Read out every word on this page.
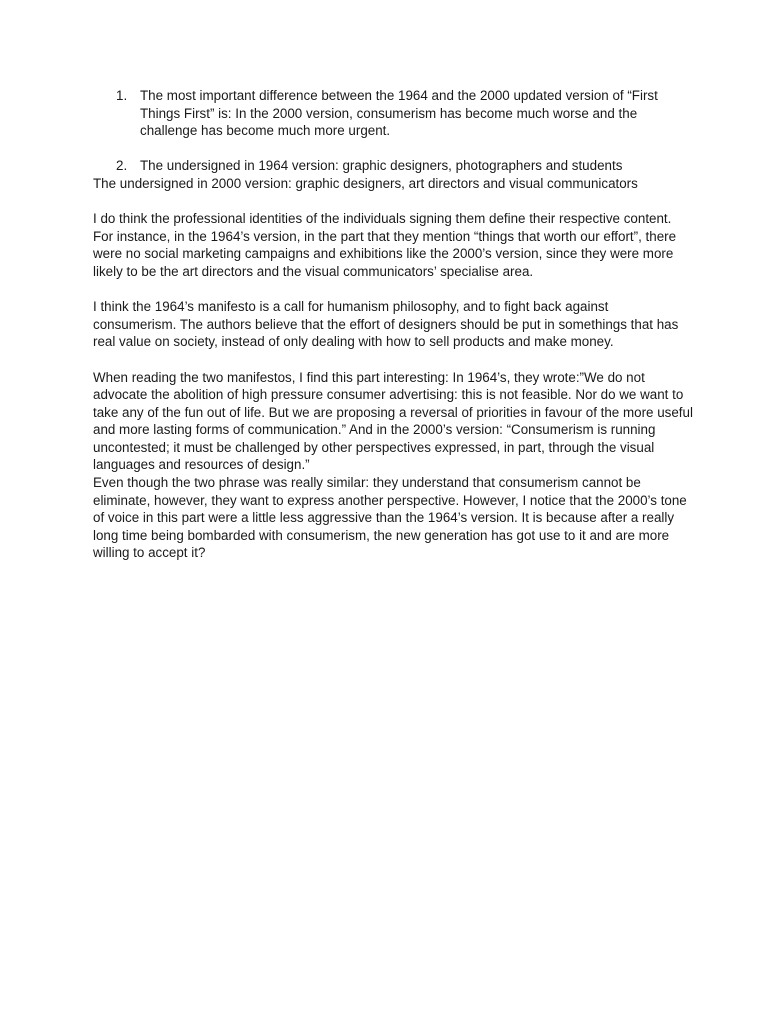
1. The most important difference between the 1964 and the 2000 updated version of “First Things First” is: In the 2000 version, consumerism has become much worse and the challenge has become much more urgent.
2. The undersigned in 1964 version: graphic designers, photographers and students

The undersigned in 2000 version: graphic designers, art directors and visual communicators

I do think the professional identities of the individuals signing them define their respective content. For instance, in the 1964’s version, in the part that they mention “things that worth our effort”, there were no social marketing campaigns and exhibitions like the 2000’s version, since they were more likely to be the art directors and the visual communicators’ specialise area.

I think the 1964’s manifesto is a call for humanism philosophy, and to fight back against consumerism. The authors believe that the effort of designers should be put in somethings that has real value on society, instead of only dealing with how to sell products and make money.

When reading the two manifestos, I find this part interesting: In 1964’s, they wrote:”We do not advocate the abolition of high pressure consumer advertising: this is not feasible. Nor do we want to take any of the fun out of life. But we are proposing a reversal of priorities in favour of the more useful and more lasting forms of communication.” And in the 2000’s version: “Consumerism is running uncontested; it must be challenged by other perspectives expressed, in part, through the visual languages and resources of design.”

Even though the two phrase was really similar: they understand that consumerism cannot be eliminate, however, they want to express another perspective. However, I notice that the 2000’s tone of voice in this part were a little less aggressive than the 1964’s version. It is because after a really long time being bombarded with consumerism, the new generation has got use to it and are more willing to accept it?
